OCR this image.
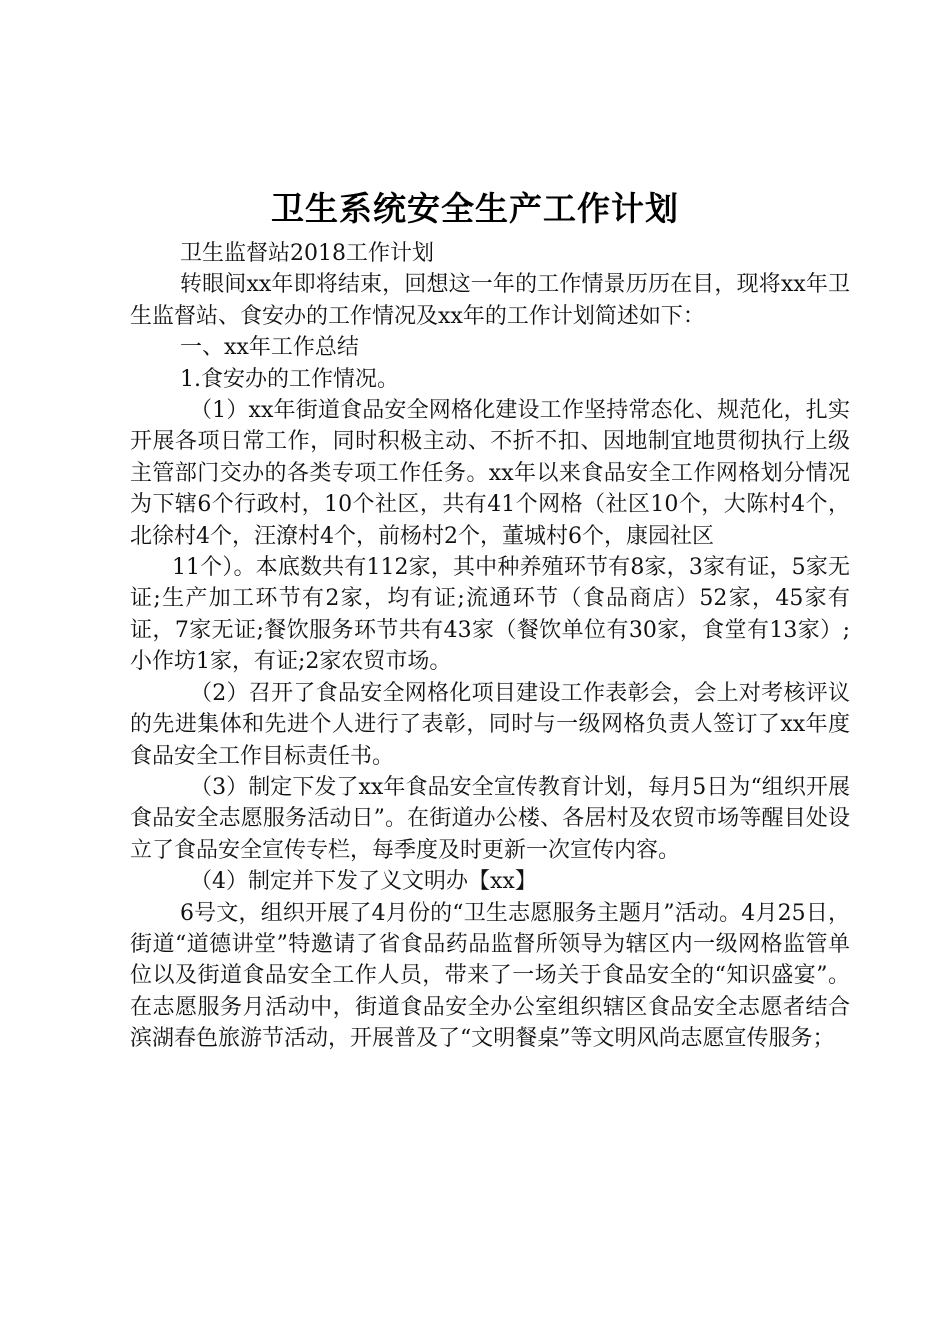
卫生系统安全生产工作计划

卫生监督站2018工作计划

转眼间xx年即将结束，回想这一年的工作情景历历在目，现将xx年卫生监督站、食安办的工作情况及xx年的工作计划简述如下：

一、xx年工作总结

1.食安办的工作情况。

（1）xx年街道食品安全网格化建设工作坚持常态化、规范化，扎实开展各项日常工作，同时积极主动、不折不扣、因地制宜地贯彻执行上级主管部门交办的各类专项工作任务。xx年以来食品安全工作网格划分情况为下辖6个行政村，10个社区，共有41个网格（社区10个，大陈村4个，北徐村4个，汪潦村4个，前杨村2个，董城村6个，康园社区

11个）。本底数共有112家，其中种养殖环节有8家，3家有证，5家无证;生产加工环节有2家，均有证;流通环节（食品商店）52家，45家有证，7家无证;餐饮服务环节共有43家（餐饮单位有30家，食堂有13家）;小作坊1家，有证;2家农贸市场。

（2）召开了食品安全网格化项目建设工作表彰会，会上对考核评议的先进集体和先进个人进行了表彰，同时与一级网格负责人签订了xx年度食品安全工作目标责任书。

（3）制定下发了xx年食品安全宣传教育计划，每月5日为“组织开展食品安全志愿服务活动日”。在街道办公楼、各居村及农贸市场等醒目处设立了食品安全宣传专栏，每季度及时更新一次宣传内容。

（4）制定并下发了义文明办【xx】

6号文，组织开展了4月份的“卫生志愿服务主题月”活动。4月25日，街道“道德讲堂”特邀请了省食品药品监督所领导为辖区内一级网格监管单位以及街道食品安全工作人员，带来了一场关于食品安全的“知识盛宴”。在志愿服务月活动中，街道食品安全办公室组织辖区食品安全志愿者结合滨湖春色旅游节活动，开展普及了“文明餐桌”等文明风尚志愿宣传服务；
